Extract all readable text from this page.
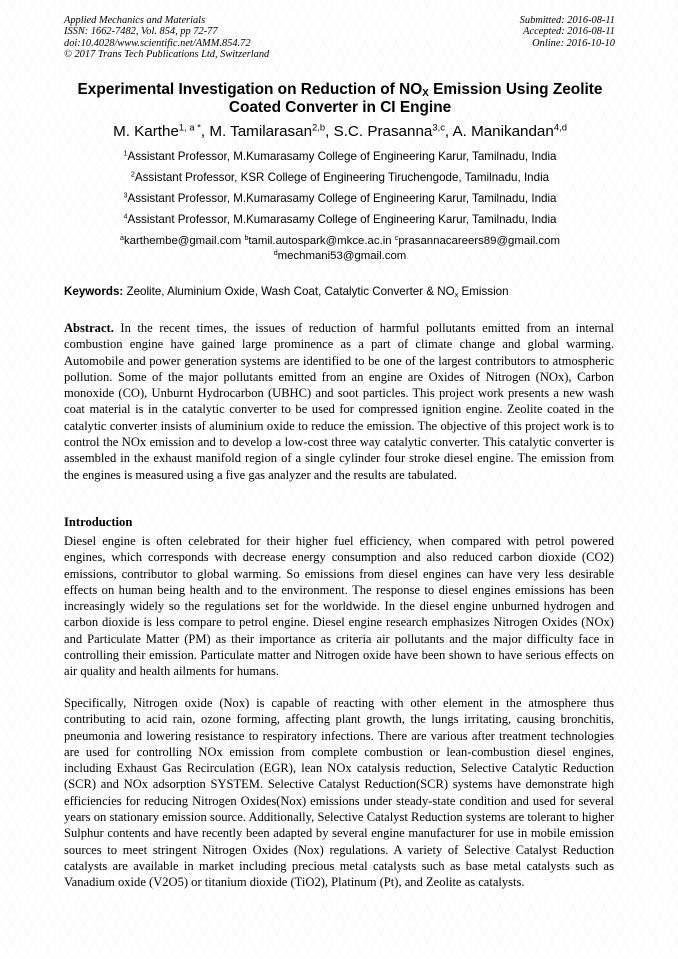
Applied Mechanics and Materials
ISSN: 1662-7482, Vol. 854, pp 72-77
doi:10.4028/www.scientific.net/AMM.854.72
© 2017 Trans Tech Publications Ltd, Switzerland
Submitted: 2016-08-11
Accepted: 2016-08-11
Online: 2016-10-10
Experimental Investigation on Reduction of $NO_X$ Emission Using Zeolite
Coated Converter in CI Engine
M. Karthe$^{1, a *}$, M. Tamilarasan$^{2,b}$, S.C. Prasanna$^{3,c}$, A. Manikandan$^{4,d}$
$^1$Assistant Professor, M.Kumarasamy College of Engineering Karur, Tamilnadu, India
$^2$Assistant Professor, KSR College of Engineering Tiruchengode, Tamilnadu, India
$^3$Assistant Professor, M.Kumarasamy College of Engineering Karur, Tamilnadu, India
$^4$Assistant Professor, M.Kumarasamy College of Engineering Karur, Tamilnadu, India
$^a$karthembe@gmail.com $^b$tamil.autospark@mkce.ac.in $^c$prasannacareers89@gmail.com
$^d$mechmani53@gmail.com
Keywords: Zeolite, Aluminium Oxide, Wash Coat, Catalytic Converter & $NO_x$ Emission
Abstract. In the recent times, the issues of reduction of harmful pollutants emitted from an internal combustion engine have gained large prominence as a part of climate change and global warming. Automobile and power generation systems are identified to be one of the largest contributors to atmospheric pollution. Some of the major pollutants emitted from an engine are Oxides of Nitrogen (NOx), Carbon monoxide (CO), Unburnt Hydrocarbon (UBHC) and soot particles. This project work presents a new wash coat material is in the catalytic converter to be used for compressed ignition engine. Zeolite coated in the catalytic converter insists of aluminium oxide to reduce the emission. The objective of this project work is to control the NOx emission and to develop a low-cost three way catalytic converter. This catalytic converter is assembled in the exhaust manifold region of a single cylinder four stroke diesel engine. The emission from the engines is measured using a five gas analyzer and the results are tabulated.
Introduction
Diesel engine is often celebrated for their higher fuel efficiency, when compared with petrol powered engines, which corresponds with decrease energy consumption and also reduced carbon dioxide (CO2) emissions, contributor to global warming. So emissions from diesel engines can have very less desirable effects on human being health and to the environment. The response to diesel engines emissions has been increasingly widely so the regulations set for the worldwide. In the diesel engine unburned hydrogen and carbon dioxide is less compare to petrol engine. Diesel engine research emphasizes Nitrogen Oxides (NOx) and Particulate Matter (PM) as their importance as criteria air pollutants and the major difficulty face in controlling their emission. Particulate matter and Nitrogen oxide have been shown to have serious effects on air quality and health ailments for humans.
Specifically, Nitrogen oxide (Nox) is capable of reacting with other element in the atmosphere thus contributing to acid rain, ozone forming, affecting plant growth, the lungs irritating, causing bronchitis, pneumonia and lowering resistance to respiratory infections. There are various after treatment technologies are used for controlling NOx emission from complete combustion or lean-combustion diesel engines, including Exhaust Gas Recirculation (EGR), lean NOx catalysis reduction, Selective Catalytic Reduction (SCR) and NOx adsorption SYSTEM. Selective Catalyst Reduction(SCR) systems have demonstrate high efficiencies for reducing Nitrogen Oxides(Nox) emissions under steady-state condition and used for several years on stationary emission source. Additionally, Selective Catalyst Reduction systems are tolerant to higher Sulphur contents and have recently been adapted by several engine manufacturer for use in mobile emission sources to meet stringent Nitrogen Oxides (Nox) regulations. A variety of Selective Catalyst Reduction catalysts are available in market including precious metal catalysts such as base metal catalysts such as Vanadium oxide (V2O5) or titanium dioxide (TiO2), Platinum (Pt), and Zeolite as catalysts.
